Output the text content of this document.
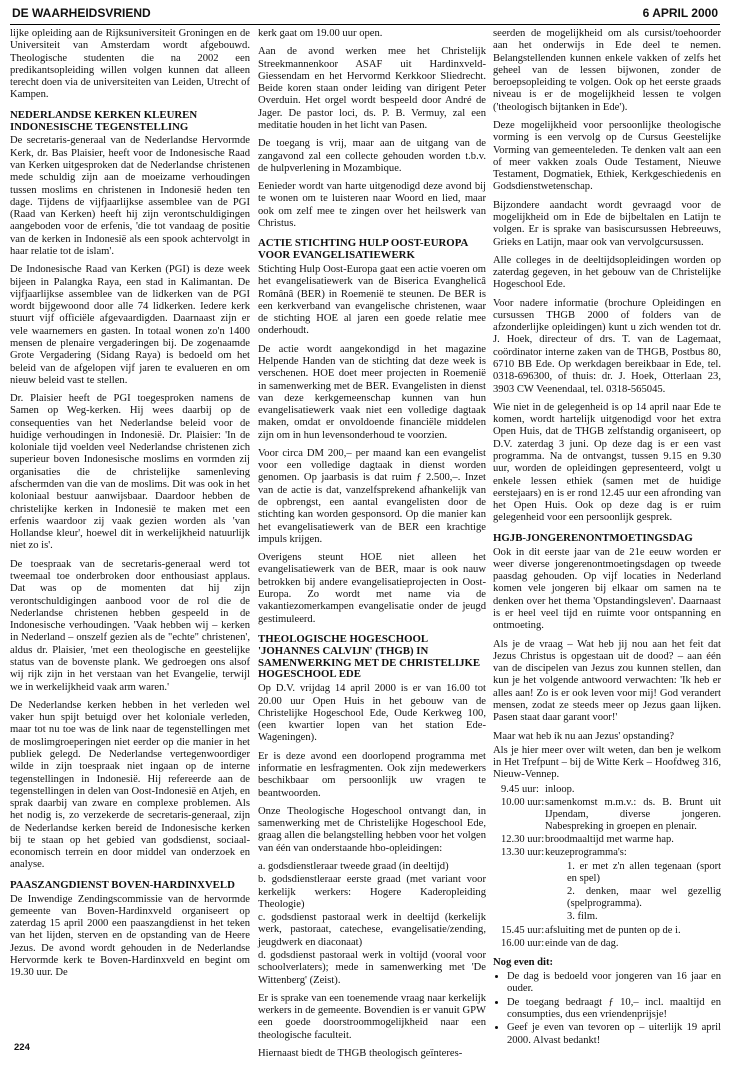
DE WAARHEIDSVRIEND	6 APRIL 2000

lijke opleiding aan de Rijksuniversiteit Groningen en de Universiteit van Amsterdam wordt afgebouwd. Theologische studenten die na 2002 een predikantsopleiding willen volgen kunnen dat alleen terecht doen via de universiteiten van Leiden, Utrecht of Kampen.

NEDERLANDSE KERKEN KLEUREN INDONESISCHE TEGENSTELLING

De secretaris-generaal van de Nederlandse Hervormde Kerk, dr. Bas Plaisier, heeft voor de Indonesische Raad van Kerken uitgesproken dat de Nederlandse christenen mede schuldig zijn aan de moeizame verhoudingen tussen moslims en christenen in Indonesië heden ten dage. Tijdens de vijfjaarlijkse assemblee van de PGI (Raad van Kerken) heeft hij zijn verontschuldigingen aangeboden voor de erfenis, 'die tot vandaag de positie van de kerken in Indonesië als een spook achtervolgt in haar relatie tot de islam'.

De Indonesische Raad van Kerken (PGI) is deze week bijeen in Palangka Raya, een stad in Kalimantan. De vijfjaarlijkse assemblee van de lidkerken van de PGI wordt bijgewoond door alle 74 lidkerken. Iedere kerk stuurt vijf officiële afgevaardigden. Daarnaast zijn er vele waarnemers en gasten. In totaal wonen zo'n 1400 mensen de plenaire vergaderingen bij. De zogenaamde Grote Vergadering (Sidang Raya) is bedoeld om het beleid van de afgelopen vijf jaren te evalueren en om nieuw beleid vast te stellen.

Dr. Plaisier heeft de PGI toegesproken namens de Samen op Weg-kerken. Hij wees daarbij op de consequenties van het Nederlandse beleid voor de huidige verhoudingen in Indonesië. Dr. Plaisier: 'In de koloniale tijd voelden veel Nederlandse christenen zich superieur boven Indonesische moslims en vormden zij organisaties die de christelijke samenleving afschermden van die van de moslims. Dit was ook in het koloniaal bestuur aanwijsbaar. Daardoor hebben de christelijke kerken in Indonesië te maken met een erfenis waardoor zij vaak gezien worden als 'van Hollandse kleur', hoewel dit in werkelijkheid natuurlijk niet zo is'.

De toespraak van de secretaris-generaal werd tot tweemaal toe onderbroken door enthousiast applaus. Dat was op de momenten dat hij zijn verontschuldigingen aanbood voor de rol die de Nederlandse christenen hebben gespeeld in de Indonesische verhoudingen. 'Vaak hebben wij – kerken in Nederland – onszelf gezien als de "echte" christenen', aldus dr. Plaisier, 'met een theologische en geestelijke status van de bovenste plank. We gedroegen ons alsof wij rijk zijn in het verstaan van het Evangelie, terwijl we in werkelijkheid vaak arm waren.'

De Nederlandse kerken hebben in het verleden wel vaker hun spijt betuigd over het koloniale verleden, maar tot nu toe was de link naar de tegenstellingen met de moslimgroeperingen niet eerder op die manier in het publiek gelegd. De Nederlandse vertegenwoordiger wilde in zijn toespraak niet ingaan op de interne tegenstellingen in Indonesië. Hij refereerde aan de tegenstellingen in delen van Oost-Indonesië en Atjeh, en sprak daarbij van zware en complexe problemen. Als het nodig is, zo verzekerde de secretaris-generaal, zijn de Nederlandse kerken bereid de Indonesische kerken bij te staan op het gebied van godsdienst, sociaal-economisch terrein en door middel van onderzoek en analyse.

PAASZANGDIENST BOVEN-HARDINXVELD

De Inwendige Zendingscommissie van de hervormde gemeente van Boven-Hardinxveld organiseert op zaterdag 15 april 2000 een paaszangdienst in het teken van het lijden, sterven en de opstanding van de Heere Jezus. De avond wordt gehouden in de Nederlandse Hervormde kerk te Boven-Hardinxveld en begint om 19.30 uur. De

kerk gaat om 19.00 uur open.

Aan de avond werken mee het Christelijk Streekmannenkoor ASAF uit Hardinxveld-Giessendam en het Hervormd Kerkkoor Sliedrecht. Beide koren staan onder leiding van dirigent Peter Overduin. Het orgel wordt bespeeld door André de Jager. De pastor loci, ds. P. B. Vermuy, zal een meditatie houden in het licht van Pasen.

De toegang is vrij, maar aan de uitgang van de zangavond zal een collecte gehouden worden t.b.v. de hulpverlening in Mozambique.

Eenieder wordt van harte uitgenodigd deze avond bij te wonen om te luisteren naar Woord en lied, maar ook om zelf mee te zingen over het heilswerk van Christus.

ACTIE STICHTING HULP OOST-EUROPA VOOR EVANGELISATIEWERK

Stichting Hulp Oost-Europa gaat een actie voeren om het evangelisatiewerk van de Biserica Evanghelicâ Românâ (BER) in Roemenië te steunen. De BER is een kerkverband van evangelische christenen, waar de stichting HOE al jaren een goede relatie mee onderhoudt.

De actie wordt aangekondigd in het magazine Helpende Handen van de stichting dat deze week is verschenen. HOE doet meer projecten in Roemenië in samenwerking met de BER. Evangelisten in dienst van deze kerkgemeenschap kunnen van hun evangelisatiewerk vaak niet een volledige dagtaak maken, omdat er onvoldoende financiële middelen zijn om in hun levensonderhoud te voorzien.

Voor circa DM 200,– per maand kan een evangelist voor een volledige dagtaak in dienst worden genomen. Op jaarbasis is dat ruim ƒ 2.500,–. Inzet van de actie is dat, vanzelfsprekend afhankelijk van de opbrengst, een aantal evangelisten door de stichting kan worden gesponsord. Op die manier kan het evangelisatiewerk van de BER een krachtige impuls krijgen.

Overigens steunt HOE niet alleen het evangelisatiewerk van de BER, maar is ook nauw betrokken bij andere evangelisatieprojecten in Oost-Europa. Zo wordt met name via de vakantiezomerkampen evangelisatie onder de jeugd gestimuleerd.

THEOLOGISCHE HOGESCHOOL 'JOHANNES CALVIJN' (THGB) IN SAMENWERKING MET DE CHRISTELIJKE HOGESCHOOL EDE

Op D.V. vrijdag 14 april 2000 is er van 16.00 tot 20.00 uur Open Huis in het gebouw van de Christelijke Hogeschool Ede, Oude Kerkweg 100, (een kwartier lopen van het station Ede-Wageningen).

Er is deze avond een doorlopend programma met informatie en lesfragmenten. Ook zijn medewerkers beschikbaar om persoonlijk uw vragen te beantwoorden.

Onze Theologische Hogeschool ontvangt dan, in samenwerking met de Christelijke Hogeschool Ede, graag allen die belangstelling hebben voor het volgen van één van onderstaande hbo-opleidingen:

a. godsdienstleraar tweede graad (in deeltijd)

b. godsdienstleraar eerste graad (met variant voor kerkelijk werkers: Hogere Kaderopleiding Theologie)

c. godsdienst pastoraal werk in deeltijd (kerkelijk werk, pastoraat, catechese, evangelisatie/zending, jeugdwerk en diaconaat)

d. godsdienst pastoraal werk in voltijd (vooral voor schoolverlaters); mede in samenwerking met 'De Wittenberg' (Zeist).

Er is sprake van een toenemende vraag naar kerkelijk werkers in de gemeente. Bovendien is er vanuit GPW een goede doorstroommogelijkheid naar een theologische faculteit.

Hiernaast biedt de THGB theologisch geïnteres-

seerden de mogelijkheid om als cursist/toehoorder aan het onderwijs in Ede deel te nemen. Belangstellenden kunnen enkele vakken of zelfs het geheel van de lessen bijwonen, zonder de beroepsopleiding te volgen. Ook op het eerste graads niveau is er de mogelijkheid lessen te volgen ('theologisch bijtanken in Ede').

Deze mogelijkheid voor persoonlijke theologische vorming is een vervolg op de Cursus Geestelijke Vorming van gemeenteleden. Te denken valt aan een of meer vakken zoals Oude Testament, Nieuwe Testament, Dogmatiek, Ethiek, Kerkgeschiedenis en Godsdienstwetenschap.

Bijzondere aandacht wordt gevraagd voor de mogelijkheid om in Ede de bijbeltalen en Latijn te volgen. Er is sprake van basiscursussen Hebreeuws, Grieks en Latijn, maar ook van vervolgcursussen.

Alle colleges in de deeltijdsopleidingen worden op zaterdag gegeven, in het gebouw van de Christelijke Hogeschool Ede.

Voor nadere informatie (brochure Opleidingen en cursussen THGB 2000 of folders van de afzonderlijke opleidingen) kunt u zich wenden tot dr. J. Hoek, directeur of drs. T. van de Lagemaat, coördinator interne zaken van de THGB, Postbus 80, 6710 BB Ede. Op werkdagen bereikbaar in Ede, tel. 0318-696300, of thuis: dr. J. Hoek, Otterlaan 23, 3903 CW Veenendaal, tel. 0318-565045.

Wie niet in de gelegenheid is op 14 april naar Ede te komen, wordt hartelijk uitgenodigd voor het extra Open Huis, dat de THGB zelfstandig organiseert, op D.V. zaterdag 3 juni. Op deze dag is er een vast programma. Na de ontvangst, tussen 9.15 en 9.30 uur, worden de opleidingen gepresenteerd, volgt u enkele lessen ethiek (samen met de huidige eerstejaars) en is er rond 12.45 uur een afronding van het Open Huis. Ook op deze dag is er ruim gelegenheid voor een persoonlijk gesprek.

HGJB-JONGERENONTMOETINGSDAG

Ook in dit eerste jaar van de 21e eeuw worden er weer diverse jongerenontmoetingsdagen op tweede paasdag gehouden. Op vijf locaties in Nederland komen vele jongeren bij elkaar om samen na te denken over het thema 'Opstandingsleven'. Daarnaast is er heel veel tijd en ruimte voor ontspanning en ontmoeting.

Als je de vraag – Wat heb jij nou aan het feit dat Jezus Christus is opgestaan uit de dood? – aan één van de discipelen van Jezus zou kunnen stellen, dan kun je het volgende antwoord verwachten: 'Ik heb er alles aan! Zo is er ook leven voor mij! God verandert mensen, zodat ze steeds meer op Jezus gaan lijken. Pasen staat daar garant voor!'

Maar wat heb ík nu aan Jezus' opstanding?

Als je hier meer over wilt weten, dan ben je welkom in Het Trefpunt – bij de Witte Kerk – Hoofdweg 316, Nieuw-Vennep.

9.45 uur:	inloop.
10.00 uur:	samenkomst m.m.v.: ds. B. Brunt uit IJpendam, diverse jongeren. Nabespreking in groepen en plenair.
12.30 uur:	broodmaaltijd met warme hap.
13.30 uur:	keuzeprogramma's:
	1. er met z'n allen tegenaan (sport en spel)
	2. denken, maar wel gezellig (spelprogramma).
	3. film.
15.45 uur:	afsluiting met de punten op de i.
16.00 uur:	einde van de dag.
Nog even dit:
• De dag is bedoeld voor jongeren van 16 jaar en ouder.
• De toegang bedraagt ƒ 10,– incl. maaltijd en consumpties, dus een vriendenprijsje!
• Geef je even van tevoren op – uiterlijk 19 april 2000. Alvast bedankt!
224
